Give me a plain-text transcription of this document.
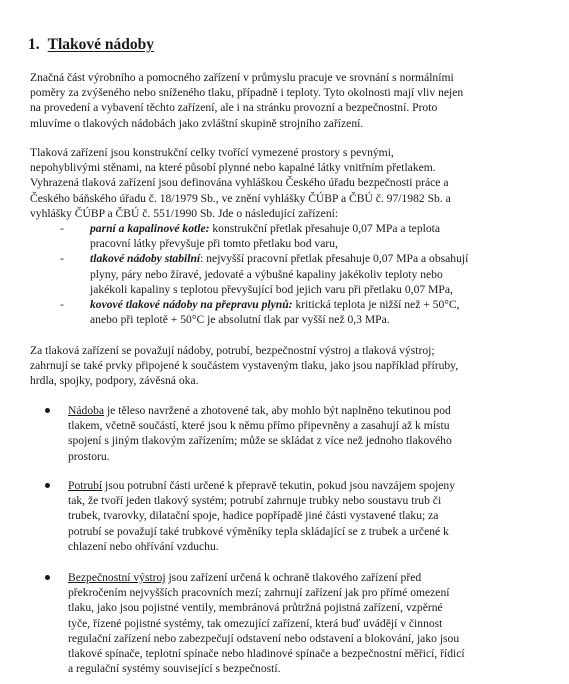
1. Tlakové nádoby

Značná část výrobního a pomocného zařízení v průmyslu pracuje ve srovnání s normálními
poměry za zvýšeného nebo sníženého tlaku, případně i teploty. Tyto okolnosti mají vliv nejen
na provedení a vybavení těchto zařízení, ale i na stránku provozní a bezpečnostní. Proto
mluvíme o tlakových nádobách jako zvláštní skupině strojního zařízení.

Tlaková zařízení jsou konstrukční celky tvořící vymezené prostory s pevnými,
nepohyblivými stěnami, na které působí plynné nebo kapalné látky vnitřním přetlakem.
Vyhrazená tlaková zařízení jsou definována vyhláškou Českého úřadu bezpečnosti práce a
Českého báňského úřadu č. 18/1979 Sb., ve znění vyhlášky ČÚBP a ČBÚ č. 97/1982 Sb. a
vyhlášky ČÚBP a ČBÚ č. 551/1990 Sb. Jde o následující zařízení:

- parní a kapalinové kotle: konstrukční přetlak přesahuje 0,07 MPa a teplota
pracovní látky převyšuje při tomto přetlaku bod varu,
- tlakové nádoby stabilní: nejvyšší pracovní přetlak přesahuje 0,07 MPa a obsahují
plyny, páry nebo žíravé, jedovaté a výbušné kapaliny jakékoliv teploty nebo
jakékoli kapaliny s teplotou převyšující bod jejich varu při přetlaku 0,07 MPa,
- kovové tlakové nádoby na přepravu plynů: kritická teplota je nižší než + 50°C,
anebo při teplotě + 50°C je absolutní tlak par vyšší než 0,3 MPa.

Za tlaková zařízení se považují nádoby, potrubí, bezpečnostní výstroj a tlaková výstroj;
zahrnují se také prvky připojené k součástem vystaveným tlaku, jako jsou například příruby,
hrdla, spojky, podpory, závěsná oka.

Nádoba je těleso navržené a zhotovené tak, aby mohlo být naplněno tekutinou pod
tlakem, včetně součástí, které jsou k němu přímo připevněny a zasahují až k místu
spojení s jiným tlakovým zařízením; může se skládat z více než jednoho tlakového
prostoru.
Potrubí jsou potrubní části určené k přepravě tekutin, pokud jsou navzájem spojeny
tak, že tvoří jeden tlakový systém; potrubí zahrnuje trubky nebo soustavu trub či
trubek, tvarovky, dilatační spoje, hadice popřípadě jiné části vystavené tlaku; za
potrubí se považují také trubkové výměníky tepla skládající se z trubek a určené k
chlazení nebo ohřívání vzduchu.
Bezpečnostní výstroj jsou zařízení určená k ochraně tlakového zařízení před
překročením nejvyšších pracovních mezí; zahrnují zařízení jak pro přímé omezení
tlaku, jako jsou pojistné ventily, membránová průtržná pojistná zařízení, vzpěrné
tyče, řízené pojistné systémy, tak omezující zařízení, která buď uvádějí v činnost
regulační zařízení nebo zabezpečují odstavení nebo odstavení a blokování, jako jsou
tlakové spínače, teplotní spínače nebo hladinové spínače a bezpečnostní měřicí, řídicí
a regulační systémy související s bezpečností.
